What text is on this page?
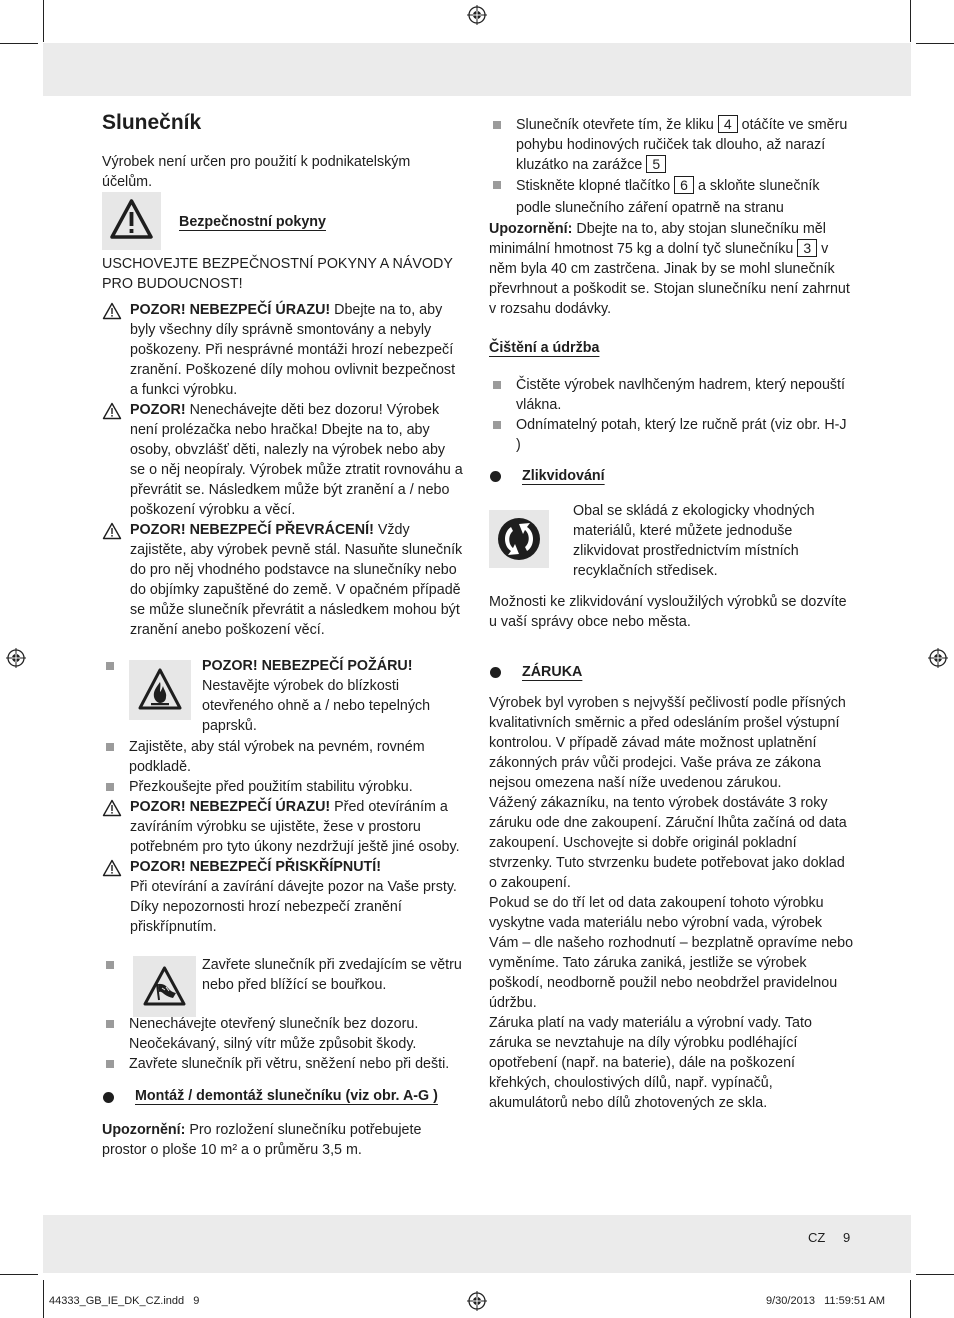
Slunečník

Výrobek není určen pro použití k podnikatelským účelům.

Bezpečnostní pokyny

USCHOVEJTE BEZPEČNOSTNÍ POKYNY A NÁVODY PRO BUDOUCNOST!

POZOR! NEBEZPEČÍ ÚRAZU! Dbejte na to, aby byly všechny díly správně smontovány a nebyly poškozeny. Při nesprávné montáži hrozí nebezpečí zranění. Poškozené díly mohou ovlivnit bezpečnost a funkci výrobku.
POZOR! Nenechávejte děti bez dozoru! Výrobek není prolézačka nebo hračka! Dbejte na to, aby osoby, obvzlášť děti, nalezly na výrobek nebo aby se o něj neopíraly. Výrobek může ztratit rovnováhu a převrátit se. Následkem může být zranění a / nebo poškození výrobku a věcí.
POZOR! NEBEZPEČÍ PŘEVRÁCENÍ! Vždy zajistěte, aby výrobek pevně stál. Nasuňte slunečník do pro něj vhodného podstavce na slunečníky nebo do objímky zapuštěné do země. V opačném případě se může slunečník převrátit a následkem mohou být zranění anebo poškození věcí.
POZOR! NEBEZPEČÍ POŽÁRU!
Nestavějte výrobek do blízkosti otevřeného ohně a / nebo tepelných paprsků.
Zajistěte, aby stál výrobek na pevném, rovném podkladě.
Přezkoušejte před použitím stabilitu výrobku.
POZOR! NEBEZPEČÍ ÚRAZU! Před otevíráním a zavíráním výrobku se ujistěte, žese v prostoru potřebném pro tyto úkony nezdržují ještě jiné osoby.
POZOR! NEBEZPEČÍ PŘISKŘÍPNUTÍ!
Při otevírání a zavírání dávejte pozor na Vaše prsty. Díky nepozornosti hrozí nebezpečí zranění přiskřípnutím.
Zavřete slunečník při zvedajícím se větru nebo před blížící se bouřkou.
Nenechávejte otevřený slunečník bez dozoru. Neočekávaný, silný vítr může způsobit škody.
Zavřete slunečník při větru, sněžení nebo při dešti.
Montáž / demontáž slunečníku (viz obr. A-G )

Upozornění: Pro rozložení slunečníku potřebujete prostor o ploše 10 m² a o průměru 3,5 m.

Slunečník otevřete tím, že kliku 4 otáčíte ve směru pohybu hodinových ručiček tak dlouho, až narazí kluzátko na zarážce 5
Stiskněte klopné tlačítko 6 a skloňte slunečník podle slunečního záření opatrně na stranu

Upozornění: Dbejte na to, aby stojan slunečníku měl minimální hmotnost 75 kg a dolní tyč slunečníku 3 v něm byla 40 cm zastrčena. Jinak by se mohl slunečník převrhnout a poškodit se. Stojan slunečníku není zahrnut v rozsahu dodávky.

Čištění a údržba
Čistěte výrobek navlhčeným hadrem, který nepouští vlákna.
Odnímatelný potah, který lze ručně prát (viz obr. H-J )
Zlikvidování
Obal se skládá z ekologicky vhodných materiálů, které můžete jednoduše zlikvidovat prostřednictvím místních recyklačních středisek.

Možnosti ke zlikvidování vysloužilých výrobků se dozvíte u vaší správy obce nebo města.

ZÁRUKA

Výrobek byl vyroben s nejvyšší pečlivostí podle přísných kvalitativních směrnic a před odesláním prošel výstupní kontrolou. V případě závad máte možnost uplatnění zákonných práv vůči prodejci. Vaše práva ze zákona nejsou omezena naší níže uvedenou zárukou.

Vážený zákazníku, na tento výrobek dostáváte 3 roky záruku ode dne zakoupení. Záruční lhůta začíná od data zakoupení. Uschovejte si dobře originál pokladní stvrzenky. Tuto stvrzenku budete potřebovat jako doklad o zakoupení.

Pokud se do tří let od data zakoupení tohoto výrobku vyskytne vada materiálu nebo výrobní vada, výrobek Vám – dle našeho rozhodnutí – bezplatně opravíme nebo vyměníme. Tato záruka zaniká, jestliže se výrobek poškodí, neodborně použil nebo neobdržel pravidelnou údržbu.

Záruka platí na vady materiálu a výrobní vady. Tato záruka se nevztahuje na díly výrobku podléhající opotřebení (např. na baterie), dále na poškození křehkých, choulostivých dílů, např. vypínačů, akumulátorů nebo dílů zhotovených ze skla.

CZ 9
44333_GB_IE_DK_CZ.indd   9	9/30/2013   11:59:51 AM
